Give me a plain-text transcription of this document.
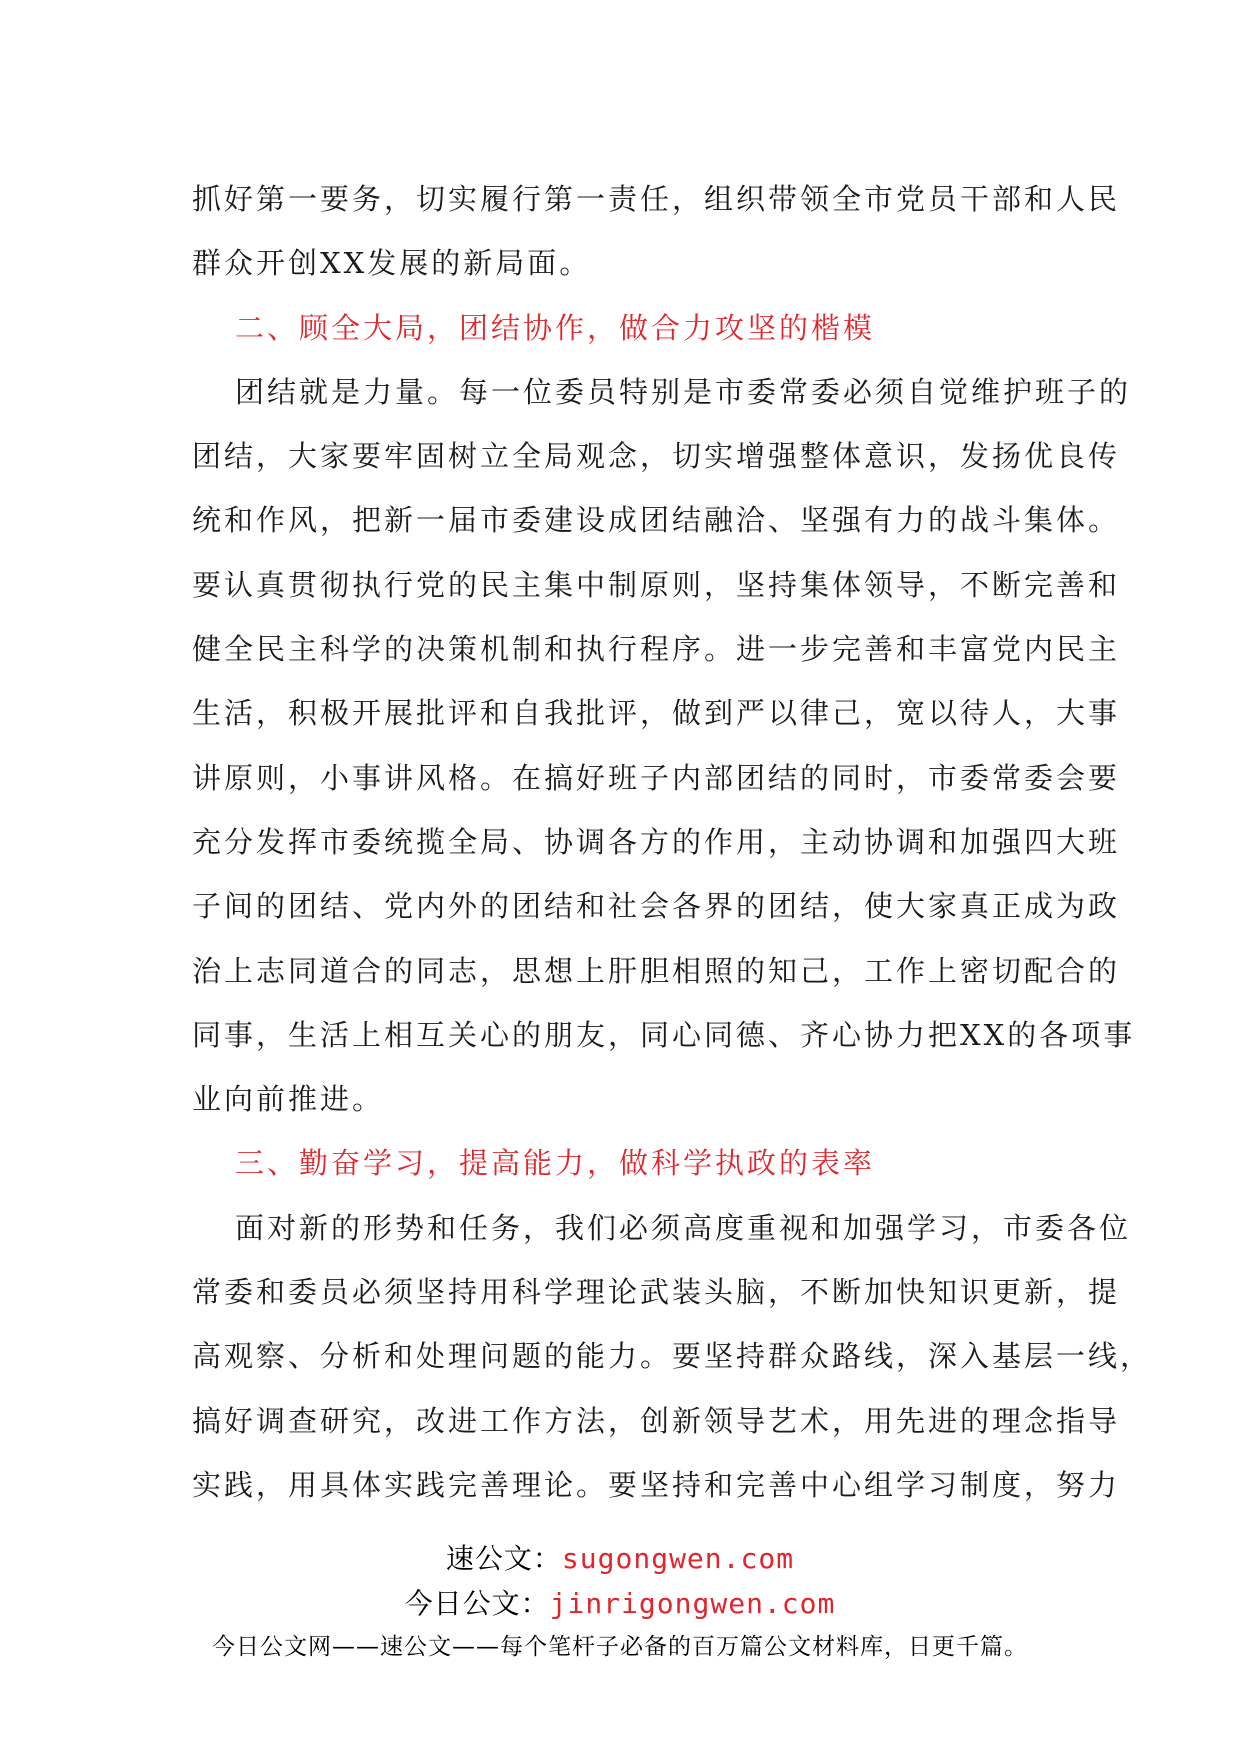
抓好第一要务，切实履行第一责任，组织带领全市党员干部和人民
群众开创XX发展的新局面。
二、顾全大局，团结协作，做合力攻坚的楷模
团结就是力量。每一位委员特别是市委常委必须自觉维护班子的
团结，大家要牢固树立全局观念，切实增强整体意识，发扬优良传
统和作风，把新一届市委建设成团结融洽、坚强有力的战斗集体。
要认真贯彻执行党的民主集中制原则，坚持集体领导，不断完善和
健全民主科学的决策机制和执行程序。进一步完善和丰富党内民主
生活，积极开展批评和自我批评，做到严以律己，宽以待人，大事
讲原则，小事讲风格。在搞好班子内部团结的同时，市委常委会要
充分发挥市委统揽全局、协调各方的作用，主动协调和加强四大班
子间的团结、党内外的团结和社会各界的团结，使大家真正成为政
治上志同道合的同志，思想上肝胆相照的知己，工作上密切配合的
同事，生活上相互关心的朋友，同心同德、齐心协力把XX的各项事
业向前推进。
三、勤奋学习，提高能力，做科学执政的表率
面对新的形势和任务，我们必须高度重视和加强学习，市委各位
常委和委员必须坚持用科学理论武装头脑，不断加快知识更新，提
高观察、分析和处理问题的能力。要坚持群众路线，深入基层一线，
搞好调查研究，改进工作方法，创新领导艺术，用先进的理念指导
实践，用具体实践完善理论。要坚持和完善中心组学习制度，努力
速公文：sugongwen.com
今日公文：jinrigongwen.com
今日公文网——速公文——每个笔杆子必备的百万篇公文材料库，日更千篇。
